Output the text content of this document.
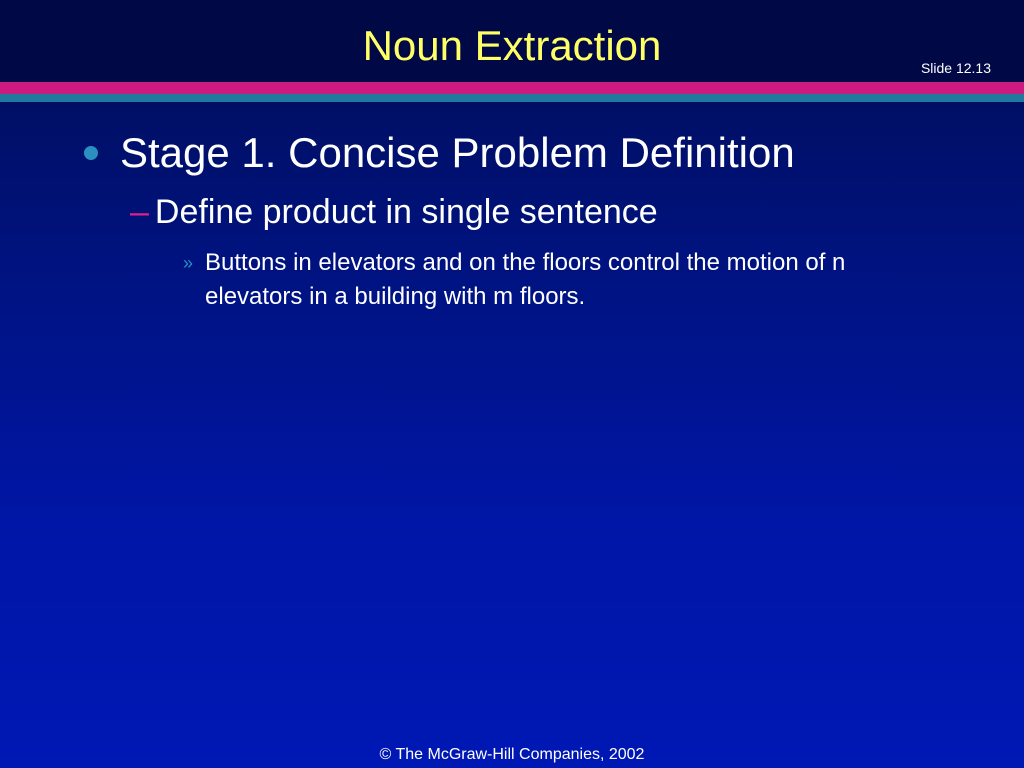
Noun Extraction	Slide 12.13
Stage 1. Concise Problem Definition
– Define product in single sentence
» Buttons in elevators and on the floors control the motion of n elevators in a building with m floors.
© The McGraw-Hill Companies, 2002
